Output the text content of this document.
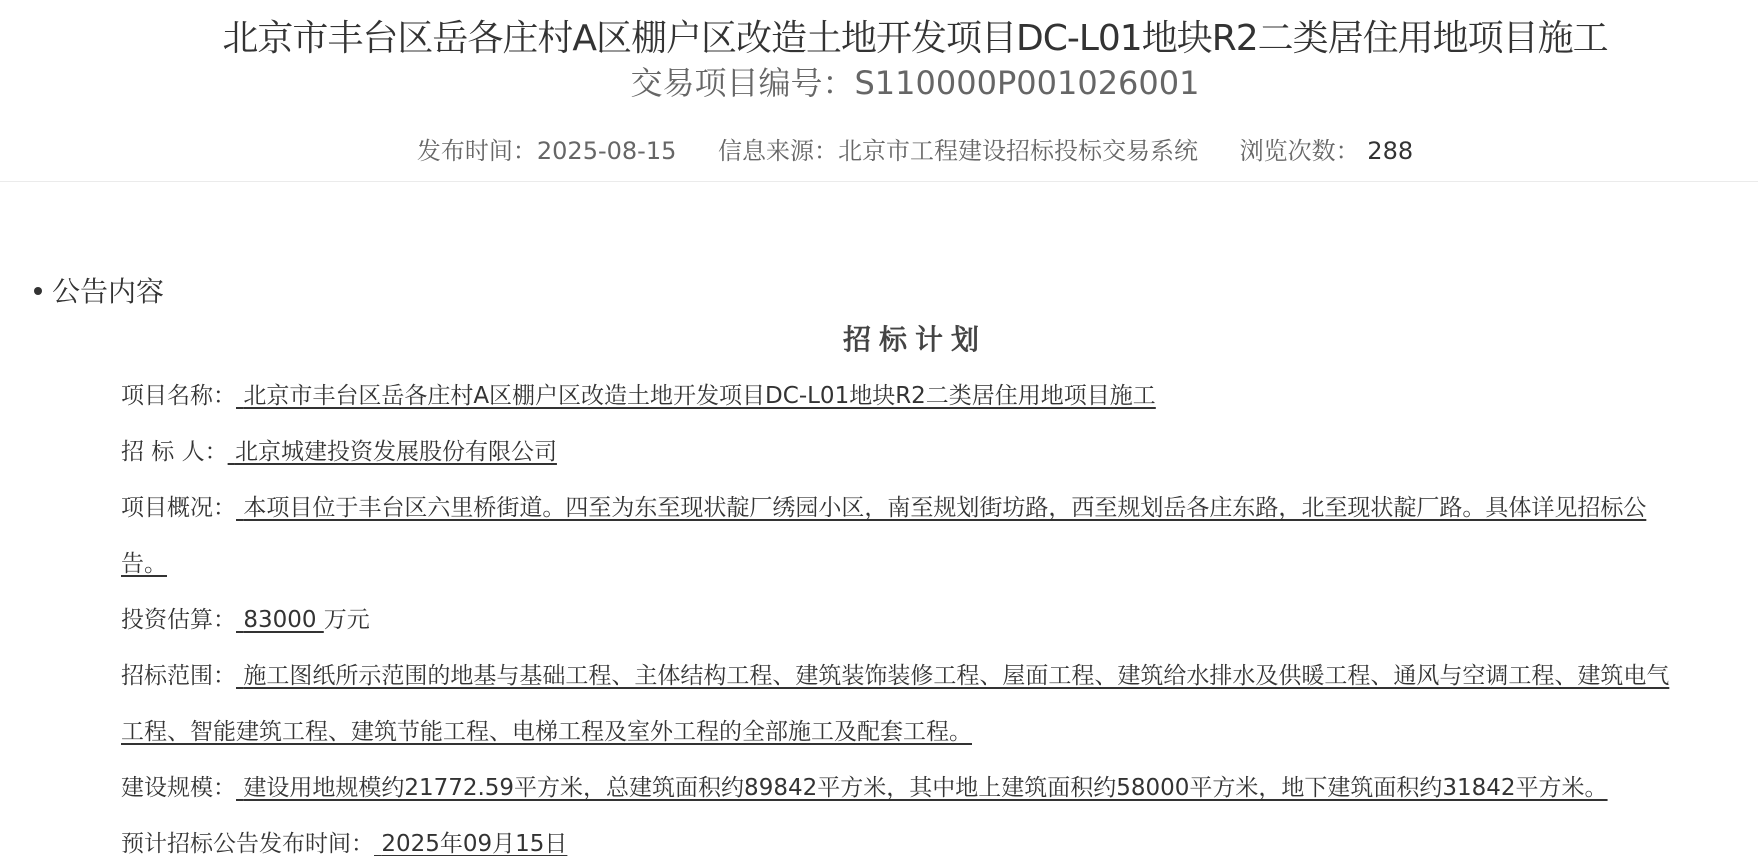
北京市丰台区岳各庄村A区棚户区改造土地开发项目DC-L01地块R2二类居住用地项目施工
交易项目编号：S110000P001026001
发布时间：2025-08-15 信息来源：北京市工程建设招标投标交易系统 浏览次数： 288
公告内容
招标计划
项目名称： 北京市丰台区岳各庄村A区棚户区改造土地开发项目DC-L01地块R2二类居住用地项目施工
招 标 人： 北京城建投资发展股份有限公司
项目概况： 本项目位于丰台区六里桥街道。四至为东至现状靛厂绣园小区，南至规划街坊路，西至规划岳各庄东路，北至现状靛厂路。具体详见招标公告。
投资估算： 83000 万元
招标范围： 施工图纸所示范围的地基与基础工程、主体结构工程、建筑装饰装修工程、屋面工程、建筑给水排水及供暖工程、通风与空调工程、建筑电气工程、智能建筑工程、建筑节能工程、电梯工程及室外工程的全部施工及配套工程。
建设规模： 建设用地规模约21772.59平方米，总建筑面积约89842平方米，其中地上建筑面积约58000平方米，地下建筑面积约31842平方米。
预计招标公告发布时间： 2025年09月15日
